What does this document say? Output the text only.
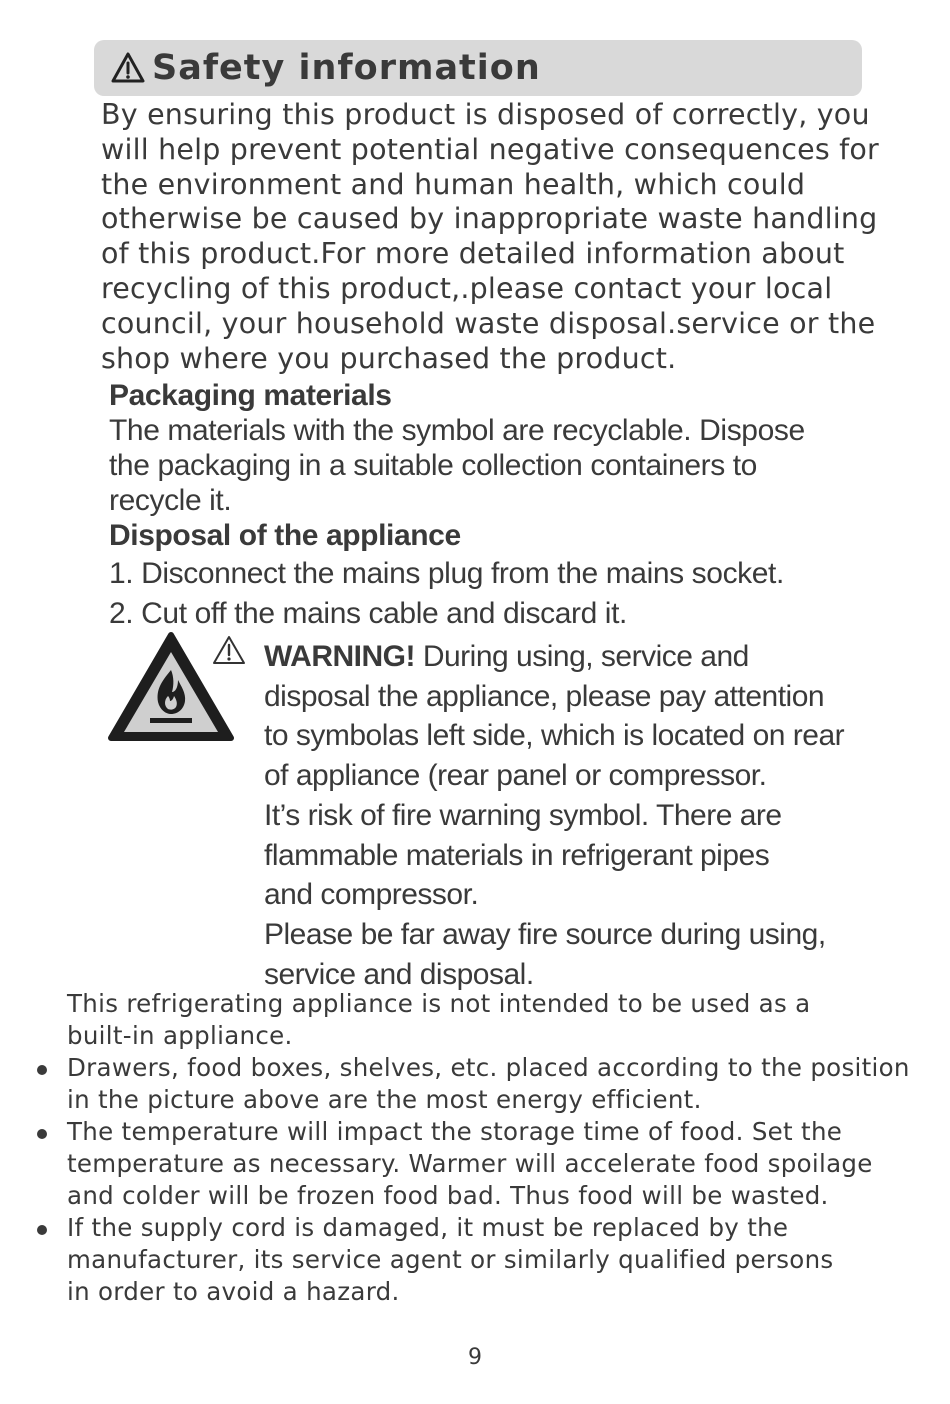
Safety information
By ensuring this product is disposed of correctly, you
will help prevent potential negative consequences for
the environment and human health, which could
otherwise be caused by inappropriate waste handling
of this product.For more detailed information about
recycling of this product,.please contact your local
council, your household waste disposal.service or the
shop where you purchased the product.
Packaging materials
The materials with the symbol are recyclable. Dispose
the packaging in a suitable collection containers to
recycle it.
Disposal of the appliance
1. Disconnect the mains plug from the mains socket.
2. Cut off the mains cable and discard it.
WARNING! During using, service and
disposal the appliance, please pay attention
to symbolas left side, which is located on rear
of appliance (rear panel or compressor.
It’s risk of fire warning symbol. There are
flammable materials in refrigerant pipes
and compressor.
Please be far away fire source during using,
service and disposal.
This refrigerating appliance is not intended to be used as a
built-in appliance.
Drawers, food boxes, shelves, etc. placed according to the position
in the picture above are the most energy efficient.
The temperature will impact the storage time of food. Set the
temperature as necessary. Warmer will accelerate food spoilage
and colder will be frozen food bad. Thus food will be wasted.
If the supply cord is damaged, it must be replaced by the
manufacturer, its service agent or similarly qualified persons
in order to avoid a hazard.
9
